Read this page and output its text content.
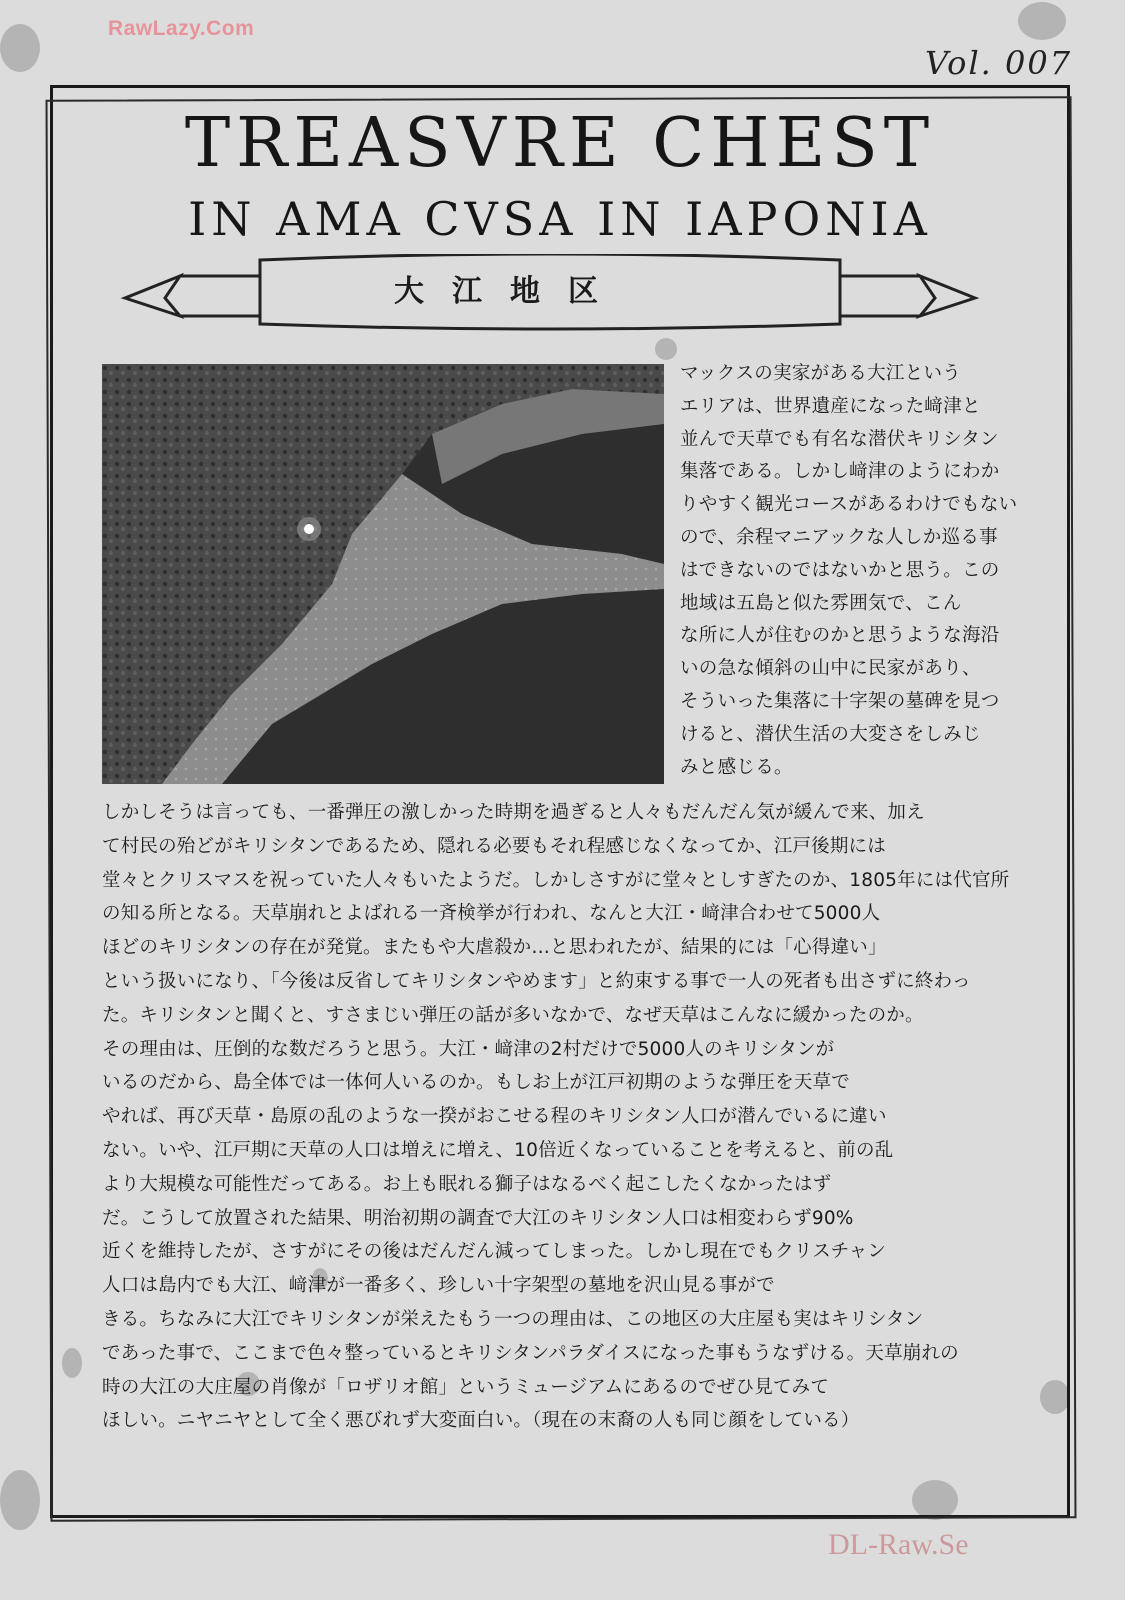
RawLazy.Com
Vol. 007
TREASVRE CHEST
IN AMA CVSA IN IAPONIA
大江地区
マックスの実家がある大江という
エリアは、世界遺産になった﨑津と
並んで天草でも有名な潜伏キリシタン
集落である。しかし﨑津のようにわか
りやすく観光コースがあるわけでもない
ので、余程マニアックな人しか巡る事
はできないのではないかと思う。この
地域は五島と似た雰囲気で、こん
な所に人が住むのかと思うような海沿
いの急な傾斜の山中に民家があり、
そういった集落に十字架の墓碑を見つ
けると、潜伏生活の大変さをしみじ
みと感じる。
しかしそうは言っても、一番弾圧の激しかった時期を過ぎると人々もだんだん気が緩んで来、加え
て村民の殆どがキリシタンであるため、隠れる必要もそれ程感じなくなってか、江戸後期には
堂々とクリスマスを祝っていた人々もいたようだ。しかしさすがに堂々としすぎたのか、1805年には代官所
の知る所となる。天草崩れとよばれる一斉検挙が行われ、なんと大江・﨑津合わせて5000人
ほどのキリシタンの存在が発覚。またもや大虐殺か…と思われたが、結果的には「心得違い」
という扱いになり、「今後は反省してキリシタンやめます」と約束する事で一人の死者も出さずに終わっ
た。キリシタンと聞くと、すさまじい弾圧の話が多いなかで、なぜ天草はこんなに緩かったのか。
その理由は、圧倒的な数だろうと思う。大江・﨑津の2村だけで5000人のキリシタンが
いるのだから、島全体では一体何人いるのか。もしお上が江戸初期のような弾圧を天草で
やれば、再び天草・島原の乱のような一揆がおこせる程のキリシタン人口が潜んでいるに違い
ない。いや、江戸期に天草の人口は増えに増え、10倍近くなっていることを考えると、前の乱
より大規模な可能性だってある。お上も眠れる獅子はなるべく起こしたくなかったはず
だ。こうして放置された結果、明治初期の調査で大江のキリシタン人口は相変わらず90%
近くを維持したが、さすがにその後はだんだん減ってしまった。しかし現在でもクリスチャン
人口は島内でも大江、﨑津が一番多く、珍しい十字架型の墓地を沢山見る事がで
きる。ちなみに大江でキリシタンが栄えたもう一つの理由は、この地区の大庄屋も実はキリシタン
であった事で、ここまで色々整っているとキリシタンパラダイスになった事もうなずける。天草崩れの
時の大江の大庄屋の肖像が「ロザリオ館」というミュージアムにあるのでぜひ見てみて
ほしい。ニヤニヤとして全く悪びれず大変面白い。（現在の末裔の人も同じ顔をしている）
DL-Raw.Se
